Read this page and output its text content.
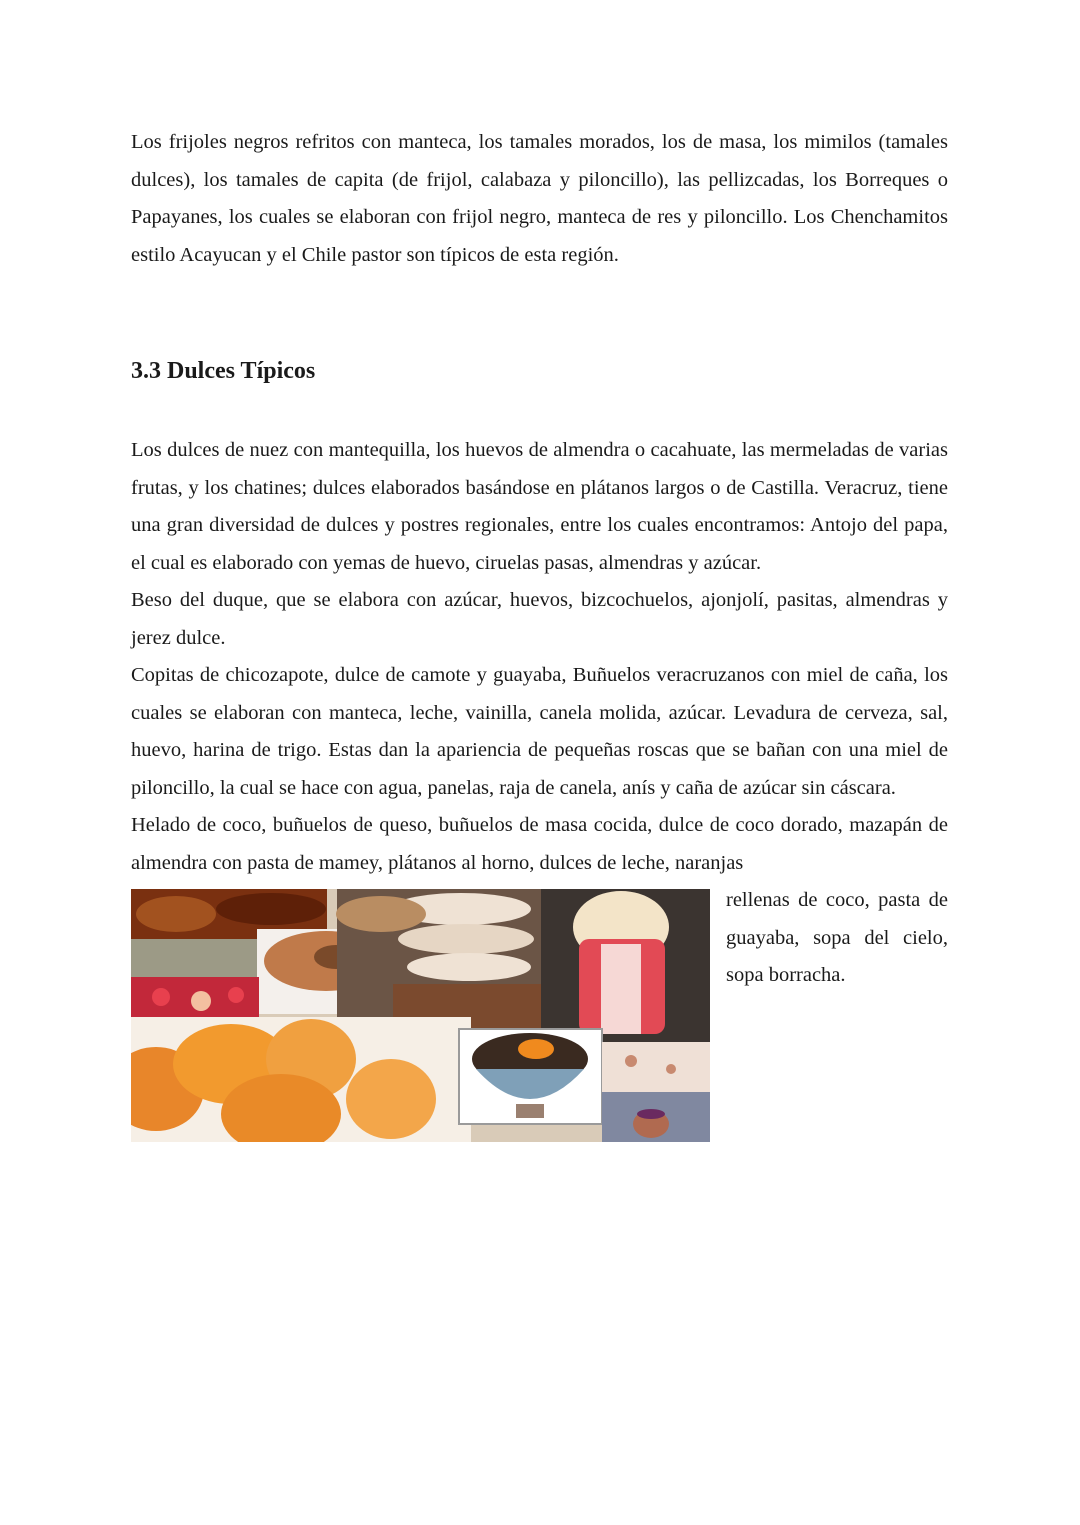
Los frijoles negros refritos con manteca, los tamales morados, los de masa, los mimilos (tamales dulces), los tamales de capita (de frijol, calabaza y piloncillo), las pellizcadas, los Borreques o Papayanes, los cuales se elaboran con frijol negro, manteca de res y piloncillo. Los Chenchamitos estilo Acayucan y el Chile pastor son típicos de esta región.

3.3 Dulces Típicos

Los dulces de nuez con mantequilla, los huevos de almendra o cacahuate, las mermeladas de varias frutas, y los chatines; dulces elaborados basándose en plátanos largos o de Castilla. Veracruz, tiene una gran diversidad de dulces y postres regionales, entre los cuales encontramos: Antojo del papa, el cual es elaborado con yemas de huevo, ciruelas pasas, almendras y azúcar.

Beso del duque, que se elabora con azúcar, huevos, bizcochuelos, ajonjolí, pasitas, almendras y jerez dulce.

Copitas de chicozapote, dulce de camote y guayaba, Buñuelos veracruzanos con miel de caña, los cuales se elaboran con manteca, leche, vainilla, canela molida, azúcar. Levadura de cerveza, sal, huevo, harina de trigo. Estas dan la apariencia de pequeñas roscas que se bañan con una miel de piloncillo, la cual se hace con agua, panelas, raja de canela, anís y caña de azúcar sin cáscara.

Helado de coco, buñuelos de queso, buñuelos de masa cocida, dulce de coco dorado, mazapán de almendra con pasta de mamey, plátanos al horno, dulces de leche, naranjas

rellenas de coco, pasta de guayaba, sopa del cielo, sopa borracha.
